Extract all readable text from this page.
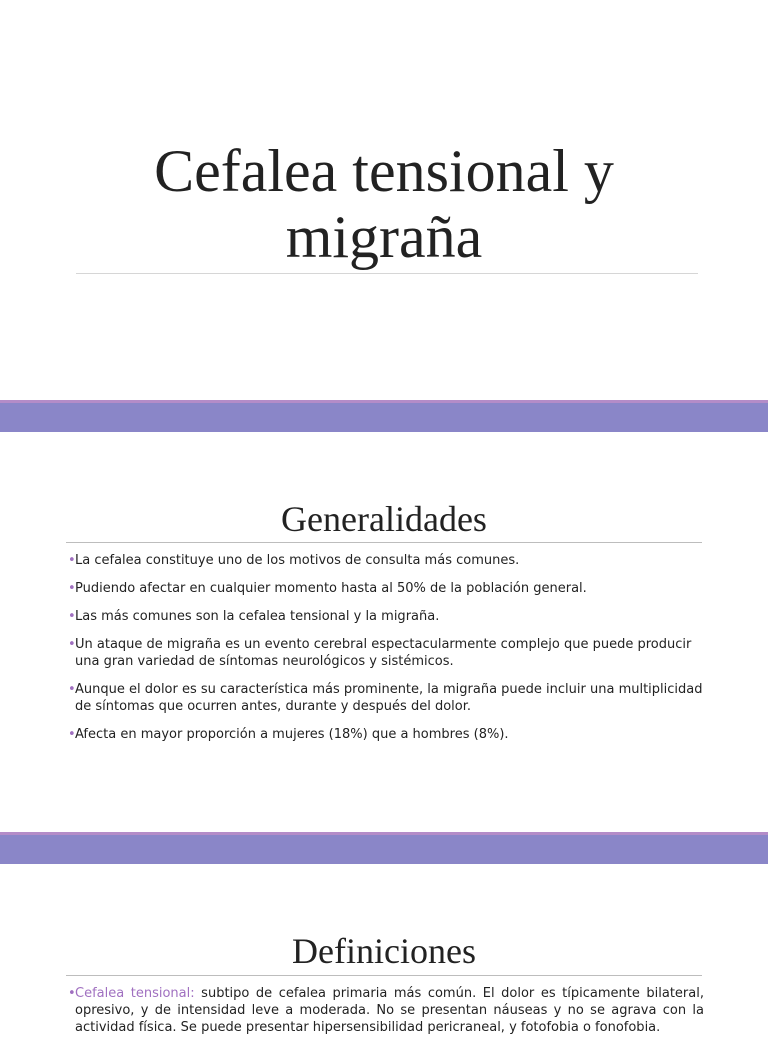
Cefalea tensional y
migraña
Generalidades
• La cefalea constituye uno de los motivos de consulta más comunes.
• Pudiendo afectar en cualquier momento hasta al 50% de la población general.
• Las más comunes son la cefalea tensional y la migraña.
• Un ataque de migraña es un evento cerebral espectacularmente complejo que puede producir una gran variedad de síntomas neurológicos y sistémicos.
• Aunque el dolor es su característica más prominente, la migraña puede incluir una multiplicidad de síntomas que ocurren antes, durante y después del dolor.
• Afecta en mayor proporción a mujeres (18%) que a hombres (8%).
Definiciones
• Cefalea tensional: subtipo de cefalea primaria más común. El dolor es típicamente bilateral, opresivo, y de intensidad leve a moderada. No se presentan náuseas y no se agrava con la actividad física. Se puede presentar hipersensibilidad pericraneal, y fotofobia o fonofobia.
